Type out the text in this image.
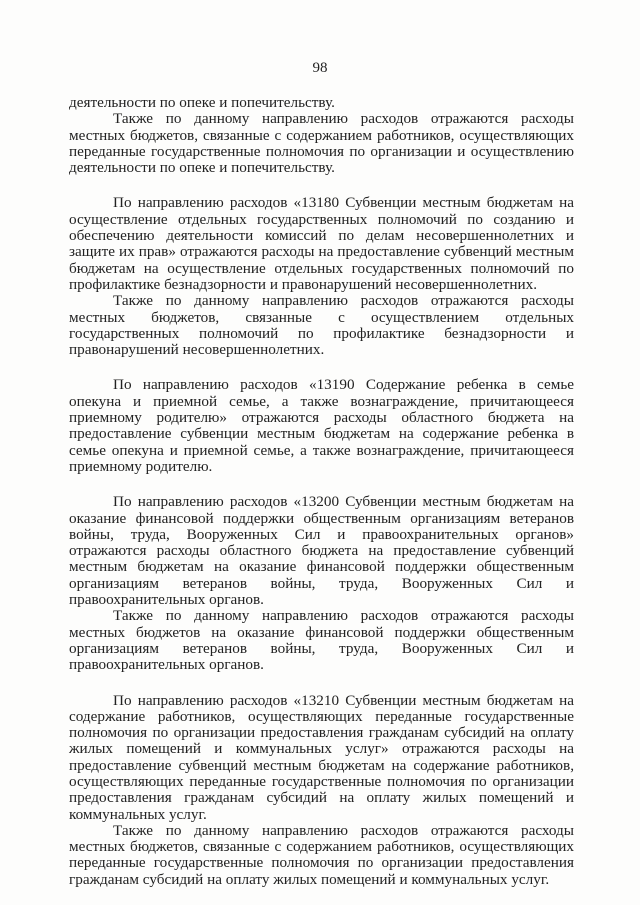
98

деятельности по опеке и попечительству.

Также по данному направлению расходов отражаются расходы местных бюджетов, связанные с содержанием работников, осуществляющих переданные государственные полномочия по организации и осуществлению деятельности по опеке и попечительству.

По направлению расходов «13180 Субвенции местным бюджетам на осуществление отдельных государственных полномочий по созданию и обеспечению деятельности комиссий по делам несовершеннолетних и защите их прав» отражаются расходы на предоставление субвенций местным бюджетам на осуществление отдельных государственных полномочий по профилактике безнадзорности и правонарушений несовершеннолетних.

Также по данному направлению расходов отражаются расходы местных бюджетов, связанные с осуществлением отдельных государственных полномочий по профилактике безнадзорности и правонарушений несовершеннолетних.

По направлению расходов «13190 Содержание ребенка в семье опекуна и приемной семье, а также вознаграждение, причитающееся приемному родителю» отражаются расходы областного бюджета на предоставление субвенции местным бюджетам на содержание ребенка в семье опекуна и приемной семье, а также вознаграждение, причитающееся приемному родителю.

По направлению расходов «13200 Субвенции местным бюджетам на оказание финансовой поддержки общественным организациям ветеранов войны, труда, Вооруженных Сил и правоохранительных органов» отражаются расходы областного бюджета на предоставление субвенций местным бюджетам на оказание финансовой поддержки общественным организациям ветеранов войны, труда, Вооруженных Сил и правоохранительных органов.

Также по данному направлению расходов отражаются расходы местных бюджетов на оказание финансовой поддержки общественным организациям ветеранов войны, труда, Вооруженных Сил и правоохранительных органов.

По направлению расходов «13210 Субвенции местным бюджетам на содержание работников, осуществляющих переданные государственные полномочия по организации предоставления гражданам субсидий на оплату жилых помещений и коммунальных услуг» отражаются расходы на предоставление субвенций местным бюджетам на содержание работников, осуществляющих переданные государственные полномочия по организации предоставления гражданам субсидий на оплату жилых помещений и коммунальных услуг.

Также по данному направлению расходов отражаются расходы местных бюджетов, связанные с содержанием работников, осуществляющих переданные государственные полномочия по организации предоставления гражданам субсидий на оплату жилых помещений и коммунальных услуг.
